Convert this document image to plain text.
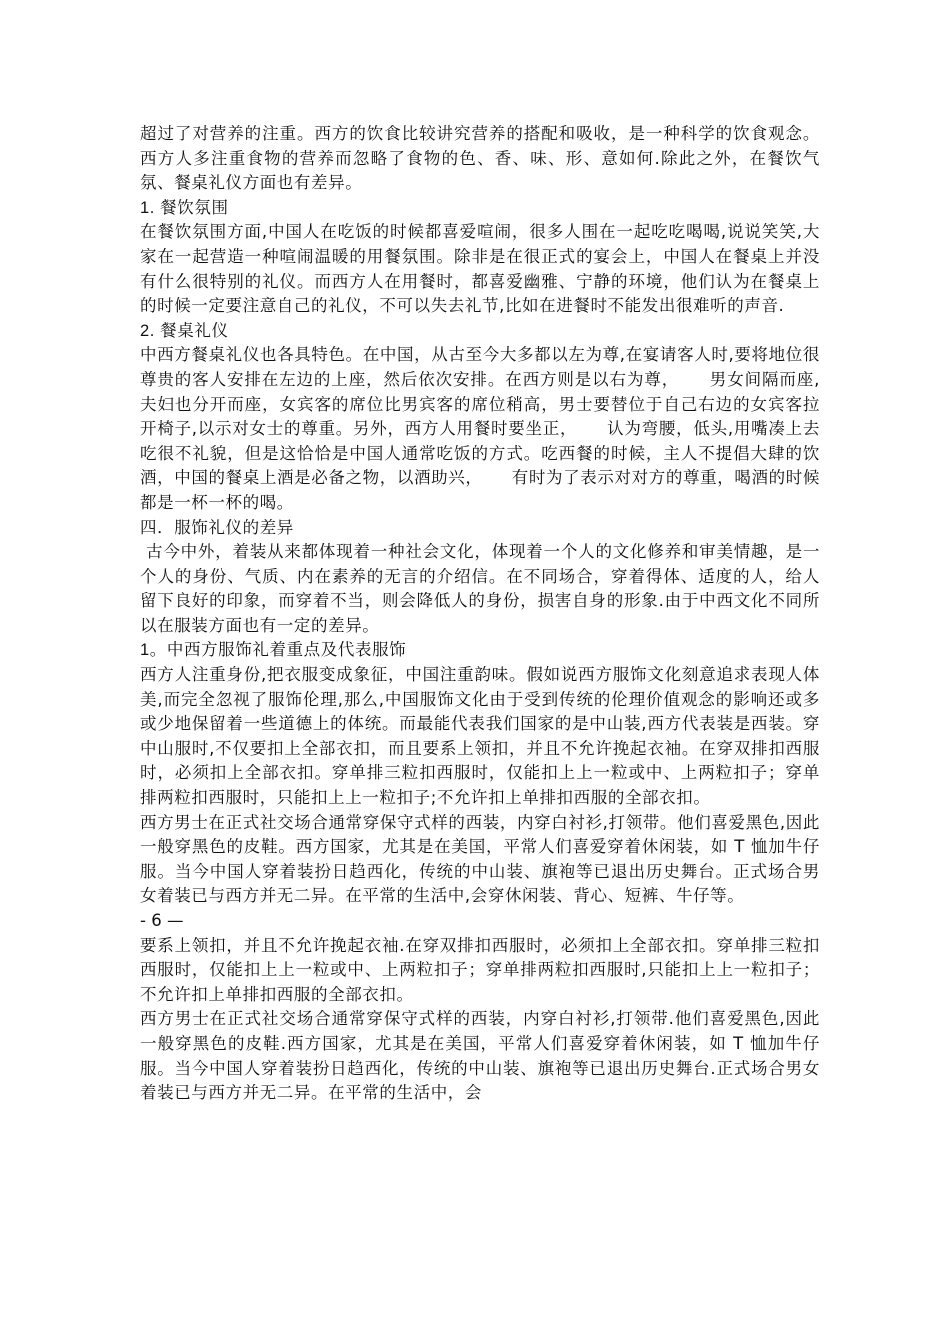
超过了对营养的注重。西方的饮食比较讲究营养的搭配和吸收，是一种科学的饮食观念。西方人多注重食物的营养而忽略了食物的色、香、味、形、意如何.除此之外，在餐饮气氛、餐桌礼仪方面也有差异。

1. 餐饮氛围

在餐饮氛围方面,中国人在吃饭的时候都喜爱喧闹，很多人围在一起吃吃喝喝,说说笑笑,大家在一起营造一种喧闹温暖的用餐氛围。除非是在很正式的宴会上，中国人在餐桌上并没有什么很特别的礼仪。而西方人在用餐时，都喜爱幽雅、宁静的环境，他们认为在餐桌上的时候一定要注意自己的礼仪，不可以失去礼节,比如在进餐时不能发出很难听的声音.

2. 餐桌礼仪

中西方餐桌礼仪也各具特色。在中国，从古至今大多都以左为尊,在宴请客人时,要将地位很尊贵的客人安排在左边的上座，然后依次安排。在西方则是以右为尊，     男女间隔而座,夫妇也分开而座，女宾客的席位比男宾客的席位稍高，男士要替位于自己右边的女宾客拉开椅子,以示对女士的尊重。另外，西方人用餐时要坐正，     认为弯腰，低头,用嘴凑上去吃很不礼貌，但是这恰恰是中国人通常吃饭的方式。吃西餐的时候，主人不提倡大肆的饮酒，中国的餐桌上酒是必备之物，以酒助兴，     有时为了表示对对方的尊重，喝酒的时候都是一杯一杯的喝。

四．服饰礼仪的差异

古今中外，着装从来都体现着一种社会文化，体现着一个人的文化修养和审美情趣，是一个人的身份、气质、内在素养的无言的介绍信。在不同场合，穿着得体、适度的人，给人留下良好的印象，而穿着不当，则会降低人的身份，损害自身的形象.由于中西文化不同所以在服装方面也有一定的差异。

1。中西方服饰礼着重点及代表服饰

西方人注重身份,把衣服变成象征，中国注重韵味。假如说西方服饰文化刻意追求表现人体美,而完全忽视了服饰伦理,那么,中国服饰文化由于受到传统的伦理价值观念的影响还或多或少地保留着一些道德上的体统。而最能代表我们国家的是中山装,西方代表装是西装。穿中山服时,不仅要扣上全部衣扣，而且要系上领扣，并且不允许挽起衣袖。在穿双排扣西服时，必须扣上全部衣扣。穿单排三粒扣西服时，仅能扣上上一粒或中、上两粒扣子；穿单排两粒扣西服时，只能扣上上一粒扣子;不允许扣上单排扣西服的全部衣扣。

西方男士在正式社交场合通常穿保守式样的西装，内穿白衬衫,打领带。他们喜爱黑色,因此一般穿黑色的皮鞋。西方国家，尤其是在美国，平常人们喜爱穿着休闲装，如 T 恤加牛仔服。当今中国人穿着装扮日趋西化，传统的中山装、旗袍等已退出历史舞台。正式场合男女着装已与西方并无二异。在平常的生活中,会穿休闲装、背心、短裤、牛仔等。

- 6 —

要系上领扣，并且不允许挽起衣袖.在穿双排扣西服时，必须扣上全部衣扣。穿单排三粒扣西服时，仅能扣上上一粒或中、上两粒扣子；穿单排两粒扣西服时,只能扣上上一粒扣子；不允许扣上单排扣西服的全部衣扣。

西方男士在正式社交场合通常穿保守式样的西装，内穿白衬衫,打领带.他们喜爱黑色,因此一般穿黑色的皮鞋.西方国家，尤其是在美国，平常人们喜爱穿着休闲装，如 T 恤加牛仔服。当今中国人穿着装扮日趋西化，传统的中山装、旗袍等已退出历史舞台.正式场合男女着装已与西方并无二异。在平常的生活中，会
